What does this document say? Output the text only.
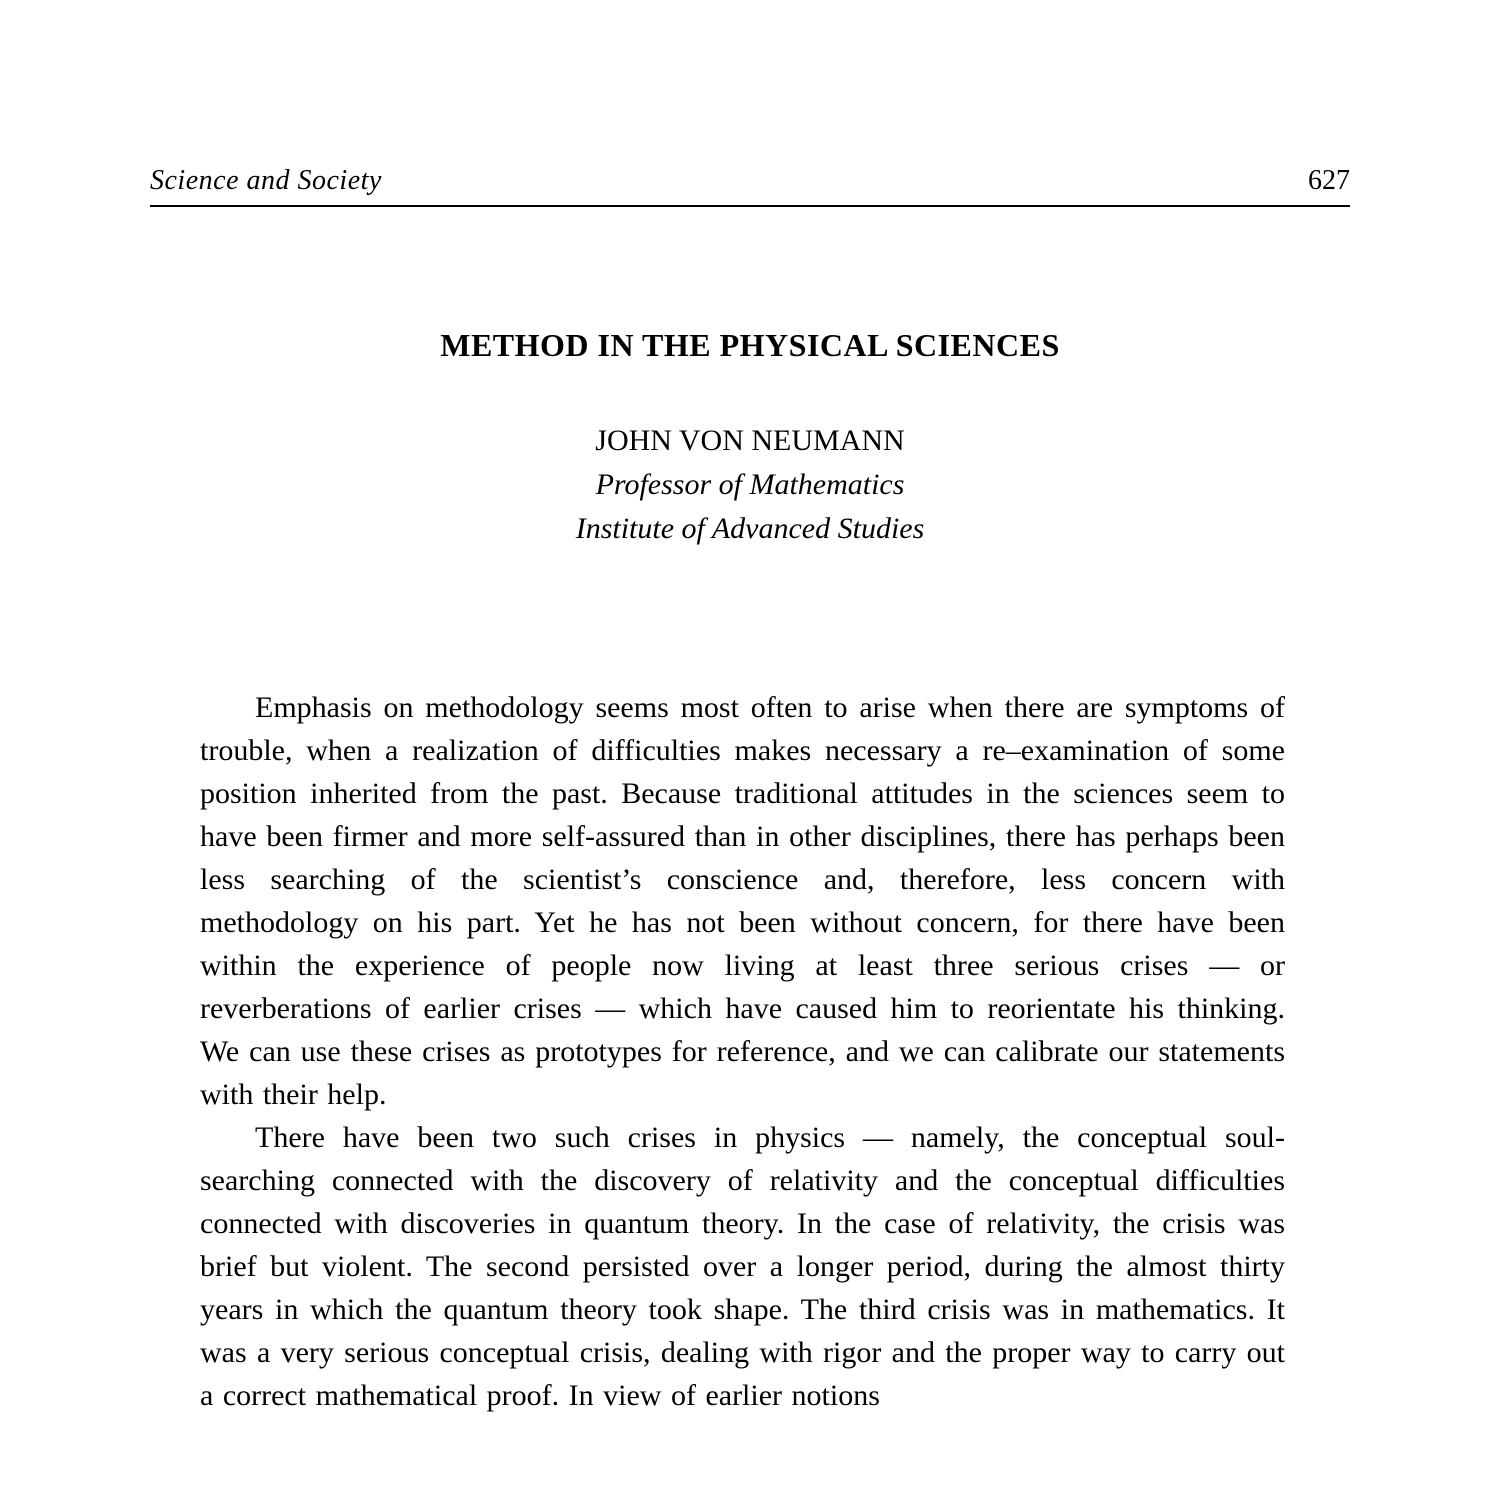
Science and Society	627
METHOD IN THE PHYSICAL SCIENCES
JOHN VON NEUMANN
Professor of Mathematics
Institute of Advanced Studies

Emphasis on methodology seems most often to arise when there are symptoms of trouble, when a realization of difficulties makes necessary a re–examination of some position inherited from the past. Because traditional attitudes in the sciences seem to have been firmer and more self-assured than in other disciplines, there has perhaps been less searching of the scientist’s conscience and, therefore, less concern with methodology on his part. Yet he has not been without concern, for there have been within the experience of people now living at least three serious crises — or reverberations of earlier crises — which have caused him to reorientate his thinking. We can use these crises as prototypes for reference, and we can calibrate our statements with their help.

There have been two such crises in physics — namely, the conceptual soul-searching connected with the discovery of relativity and the conceptual difficulties connected with discoveries in quantum theory. In the case of relativity, the crisis was brief but violent. The second persisted over a longer period, during the almost thirty years in which the quantum theory took shape. The third crisis was in mathematics. It was a very serious conceptual crisis, dealing with rigor and the proper way to carry out a correct mathematical proof. In view of earlier notions
